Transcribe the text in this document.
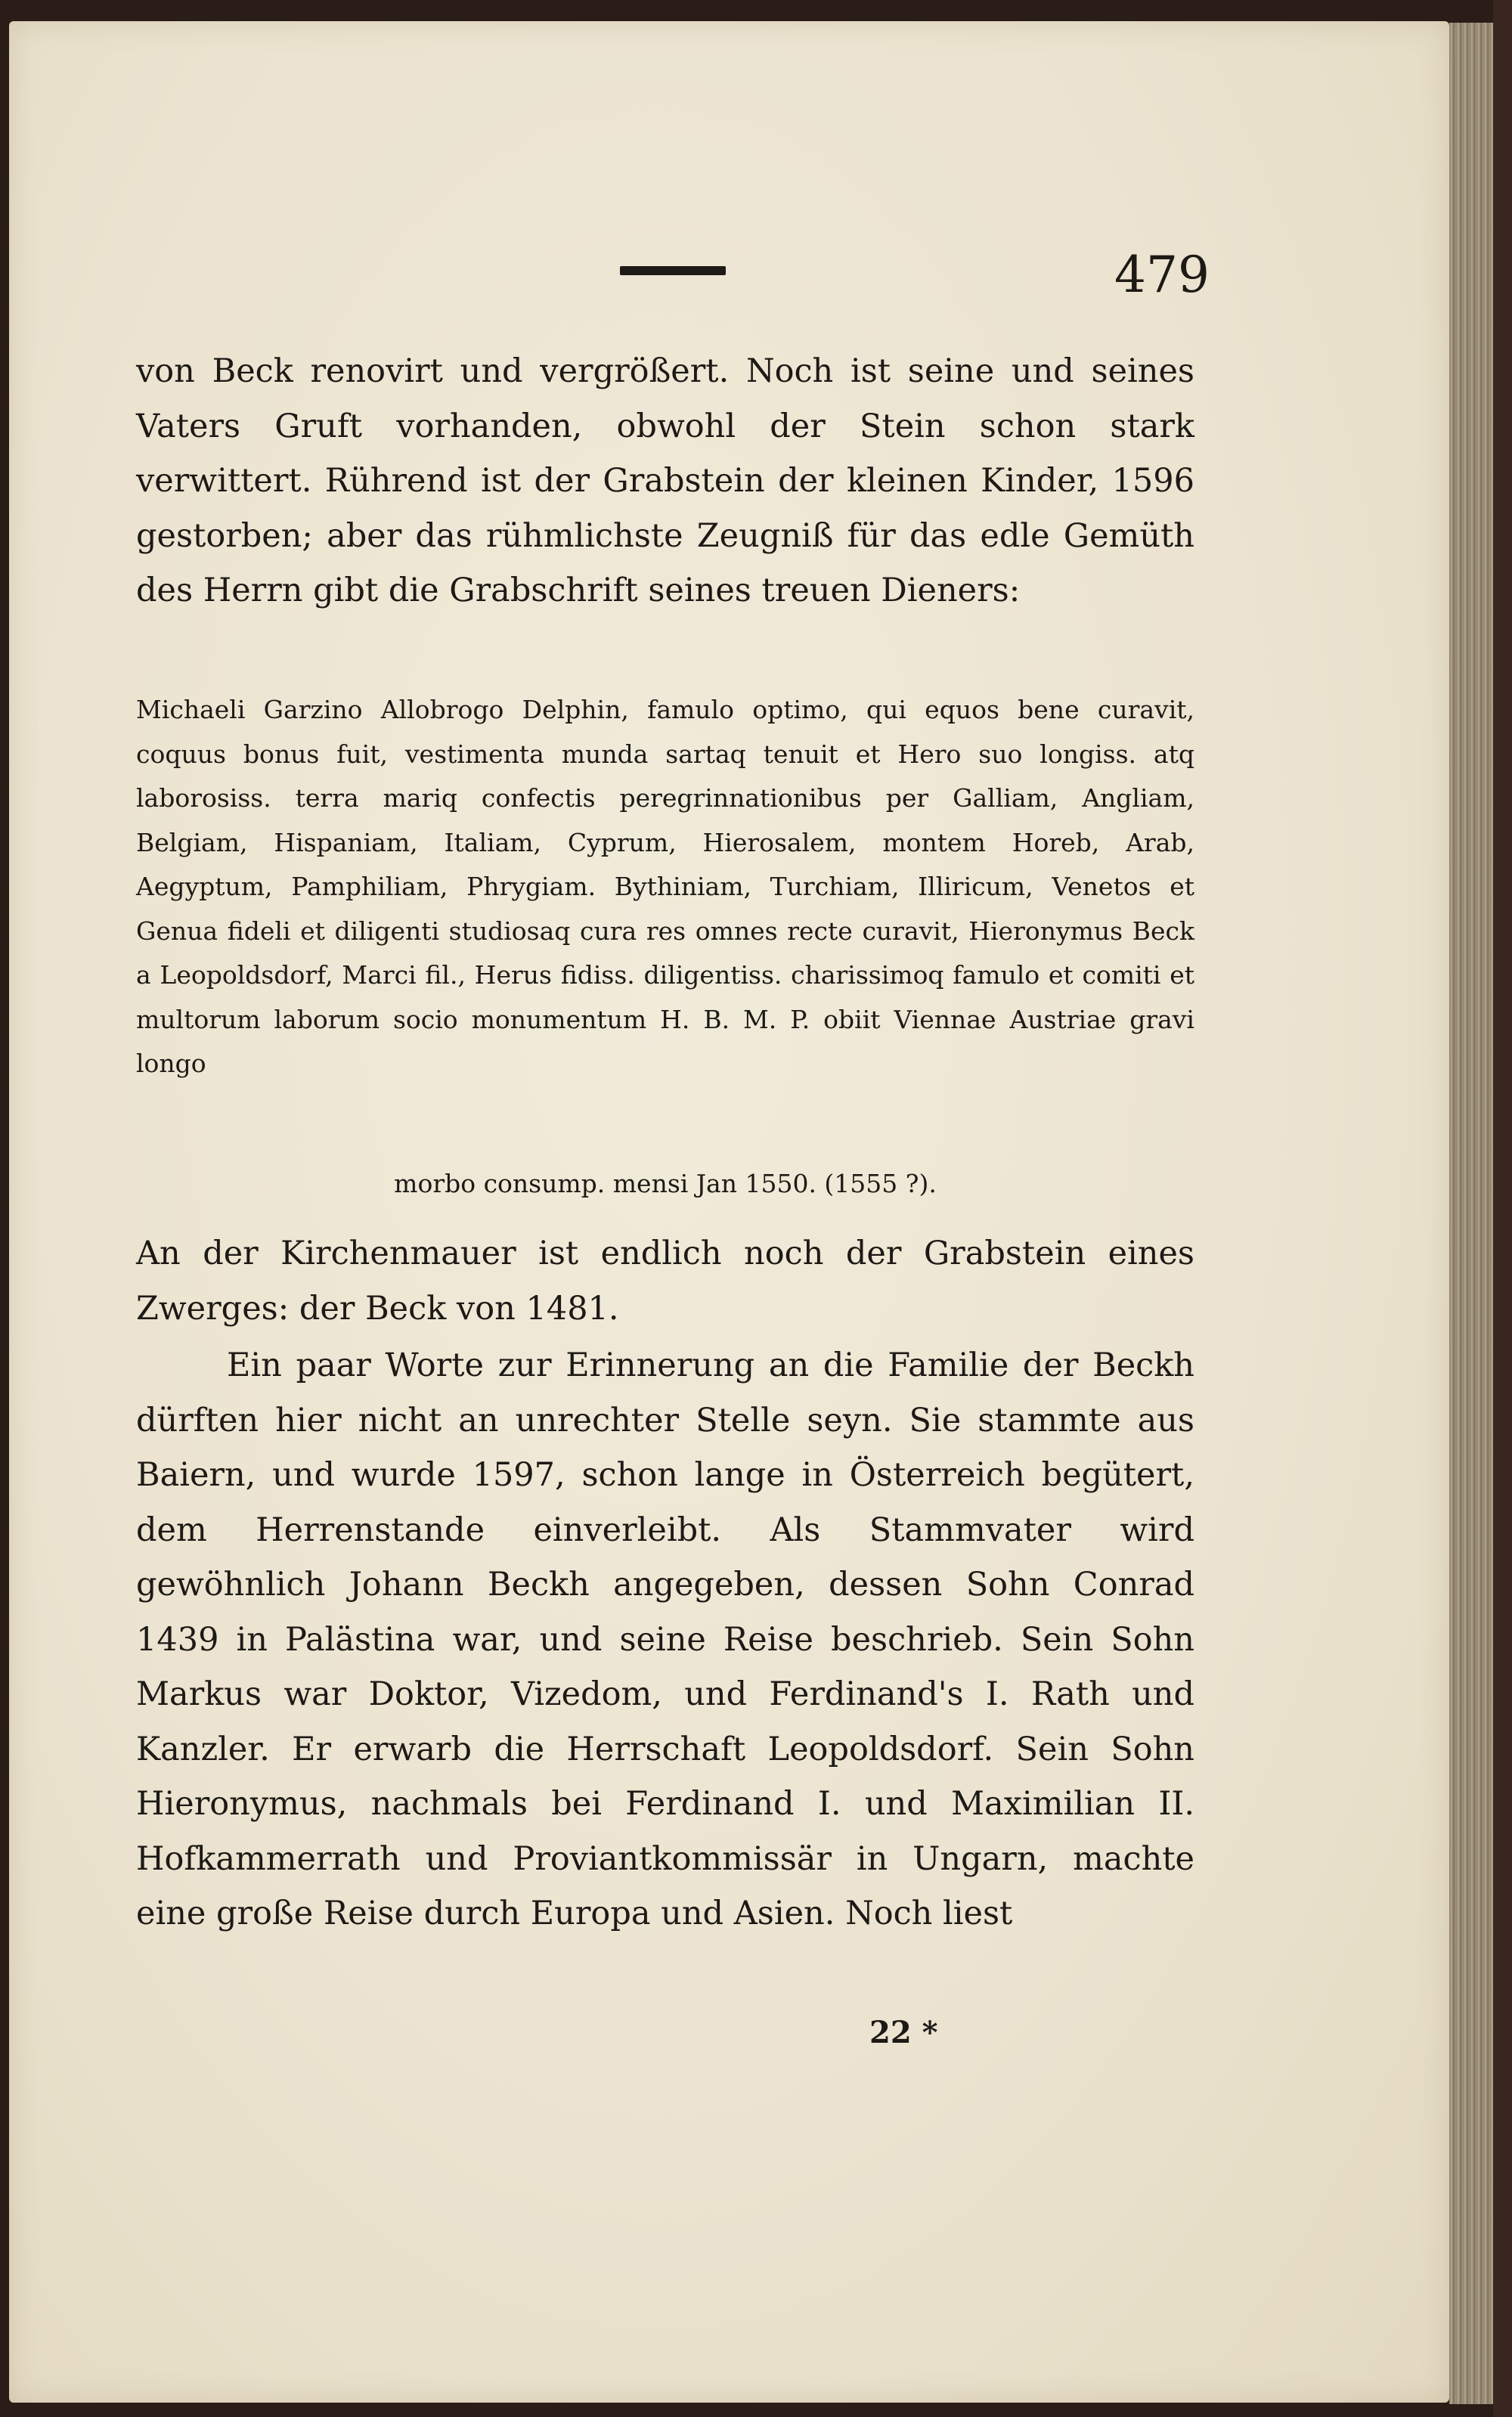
479

von Beck renovirt und vergrößert. Noch ist seine und seines Vaters Gruft vorhanden, obwohl der Stein schon stark verwittert. Rührend ist der Grabstein der kleinen Kinder, 1596 gestorben; aber das rühmlichste Zeugniß für das edle Gemüth des Herrn gibt die Grabschrift seines treuen Dieners:

Michaeli Garzino Allobrogo Delphin, famulo optimo, qui equos bene curavit, coquus bonus fuit, vestimenta munda sartaq tenuit et Hero suo longiss. atq laborosiss. terra mariq confectis peregrinnationibus per Galliam, Angliam, Belgiam, Hispaniam, Italiam, Cyprum, Hierosalem, montem Horeb, Arab, Aegyptum, Pamphiliam, Phrygiam. Bythiniam, Turchiam, Illiricum, Venetos et Genua fideli et diligenti studiosaq cura res omnes recte curavit, Hieronymus Beck a Leopoldsdorf, Marci fil., Herus fidiss. diligentiss. charissimoq famulo et comiti et multorum laborum socio monumentum H. B. M. P. obiit Viennae Austriae gravi longo

morbo consump. mensi Jan 1550. (1555 ?).

An der Kirchenmauer ist endlich noch der Grabstein eines Zwerges: der Beck von 1481.

Ein paar Worte zur Erinnerung an die Familie der Beckh dürften hier nicht an unrechter Stelle seyn. Sie stammte aus Baiern, und wurde 1597, schon lange in Österreich begütert, dem Herrenstande einverleibt. Als Stammvater wird gewöhnlich Johann Beckh angegeben, dessen Sohn Conrad 1439 in Palästina war, und seine Reise beschrieb. Sein Sohn Markus war Doktor, Vizedom, und Ferdinand's I. Rath und Kanzler. Er erwarb die Herrschaft Leopoldsdorf. Sein Sohn Hieronymus, nachmals bei Ferdinand I. und Maximilian II. Hofkammerrath und Proviantkommissär in Ungarn, machte eine große Reise durch Europa und Asien. Noch liest

22 *
